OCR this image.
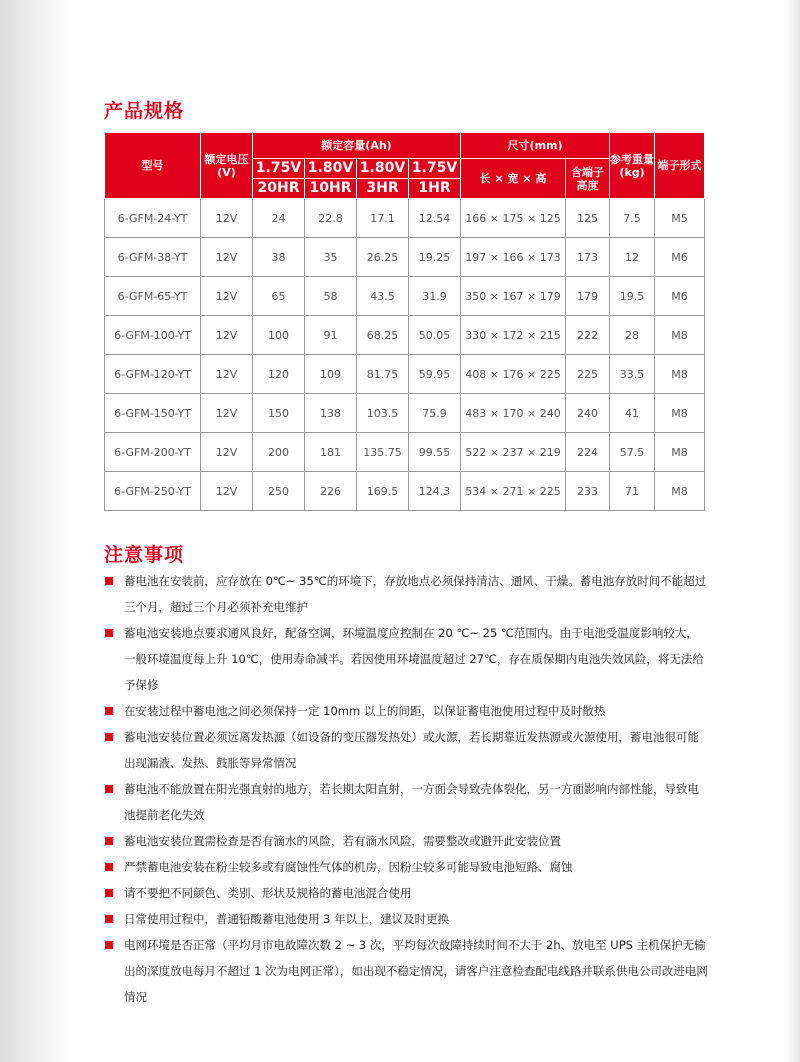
产品规格
型号	额定电压(V)	额定容量(Ah)				尺寸(mm)		参考重量(kg)	端子形式
		1.75V	1.80V	1.80V	1.75V	长 × 宽 × 高	含端子高度		
		20HR	10HR	3HR	1HR				
6-GFM-24-YT	12V	24	22.8	17.1	12.54	166 × 175 × 125	125	7.5	M5
6-GFM-38-YT	12V	38	35	26.25	19.25	197 × 166 × 173	173	12	M6
6-GFM-65-YT	12V	65	58	43.5	31.9	350 × 167 × 179	179	19.5	M6
6-GFM-100-YT	12V	100	91	68.25	50.05	330 × 172 × 215	222	28	M8
6-GFM-120-YT	12V	120	109	81.75	59.95	408 × 176 × 225	225	33.5	M8
6-GFM-150-YT	12V	150	138	103.5	75.9	483 × 170 × 240	240	41	M8
6-GFM-200-YT	12V	200	181	135.75	99.55	522 × 237 × 219	224	57.5	M8
6-GFM-250-YT	12V	250	226	169.5	124.3	534 × 271 × 225	233	71	M8
注意事项
蓄电池在安装前，应存放在 0℃~ 35℃的环境下，存放地点必须保持清洁、通风、干燥。蓄电池存放时间不能超过三个月，超过三个月必须补充电维护
蓄电池安装地点要求通风良好，配备空调，环境温度应控制在 20 ℃~ 25 ℃范围内。由于电池受温度影响较大，一般环境温度每上升 10℃，使用寿命减半。若因使用环境温度超过 27℃，存在质保期内电池失效风险，将无法给予保修
在安装过程中蓄电池之间必须保持一定 10mm 以上的间距，以保证蓄电池使用过程中及时散热
蓄电池安装位置必须远离发热源（如设备的变压器发热处）或火源，若长期靠近发热源或火源使用，蓄电池很可能出现漏液、发热、鼓胀等异常情况
蓄电池不能放置在阳光强直射的地方，若长期太阳直射，一方面会导致壳体裂化，另一方面影响内部性能，导致电池提前老化失效
蓄电池安装位置需检查是否有滴水的风险，若有滴水风险，需要整改或避开此安装位置
严禁蓄电池安装在粉尘较多或有腐蚀性气体的机房，因粉尘较多可能导致电池短路、腐蚀
请不要把不同颜色、类别、形状及规格的蓄电池混合使用
日常使用过程中，普通铅酸蓄电池使用 3 年以上，建议及时更换
电网环境是否正常（平均月市电故障次数 2 ~ 3 次，平均每次故障持续时间不大于 2h、放电至 UPS 主机保护无输出的深度放电每月不超过 1 次为电网正常），如出现不稳定情况，请客户注意检查配电线路并联系供电公司改进电网情况
